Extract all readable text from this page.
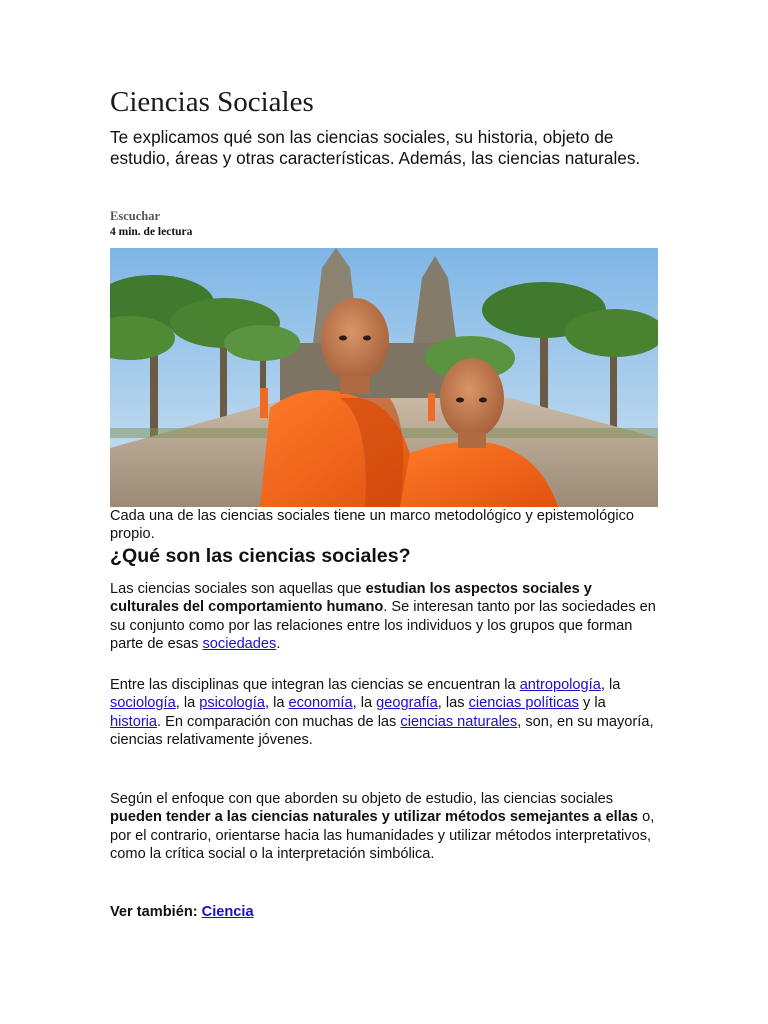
Ciencias Sociales

Te explicamos qué son las ciencias sociales, su historia, objeto de estudio, áreas y otras características. Además, las ciencias naturales.

Escuchar
4 min. de lectura

Cada una de las ciencias sociales tiene un marco metodológico y epistemológico propio.

¿Qué son las ciencias sociales?

Las ciencias sociales son aquellas que estudian los aspectos sociales y culturales del comportamiento humano. Se interesan tanto por las sociedades en su conjunto como por las relaciones entre los individuos y los grupos que forman parte de esas sociedades.

Entre las disciplinas que integran las ciencias se encuentran la antropología, la sociología, la psicología, la economía, la geografía, las ciencias políticas y la historia. En comparación con muchas de las ciencias naturales, son, en su mayoría, ciencias relativamente jóvenes.

Según el enfoque con que aborden su objeto de estudio, las ciencias sociales pueden tender a las ciencias naturales y utilizar métodos semejantes a ellas o, por el contrario, orientarse hacia las humanidades y utilizar métodos interpretativos, como la crítica social o la interpretación simbólica.

Ver también: Ciencia
